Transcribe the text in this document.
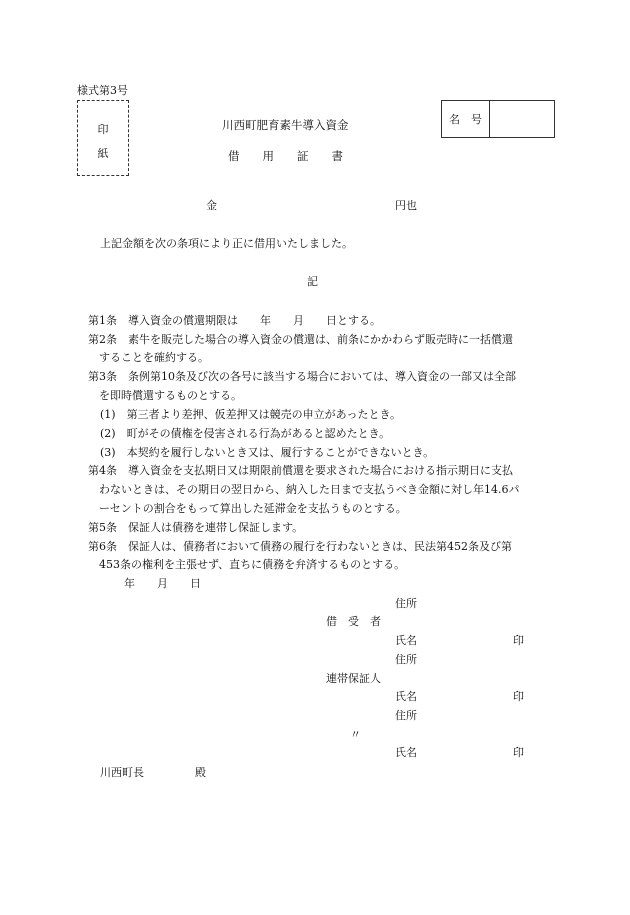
様式第3号
印
紙
川西町肥育素牛導入資金
借　　用　　証　　書
名　号
金	円也
上記金額を次の条項により正に借用いたしました。
記
第1条　導入資金の償還期限は　　年　　月　　日とする。
第2条　素牛を販売した場合の導入資金の償還は、前条にかかわらず販売時に一括償還
することを確約する。
第3条　条例第10条及び次の各号に該当する場合においては、導入資金の一部又は全部
を即時償還するものとする。
(1)　第三者より差押、仮差押又は競売の申立があったとき。
(2)　町がその債権を侵害される行為があると認めたとき。
(3)　本契約を履行しないとき又は、履行することができないとき。
第4条　導入資金を支払期日又は期限前償還を要求された場合における指示期日に支払
わないときは、その期日の翌日から、納入した日まで支払うべき金額に対し年14.6パ
ーセントの割合をもって算出した延滞金を支払うものとする。
第5条　保証人は債務を連帯し保証します。
第6条　保証人は、債務者において債務の履行を行わないときは、民法第452条及び第
453条の権利を主張せず、直ちに債務を弁済するものとする。
年　　月　　日
住所
借　受　者
氏名	印
住所
連帯保証人
氏名	印
住所
〃
氏名	印
川西町長	殿
